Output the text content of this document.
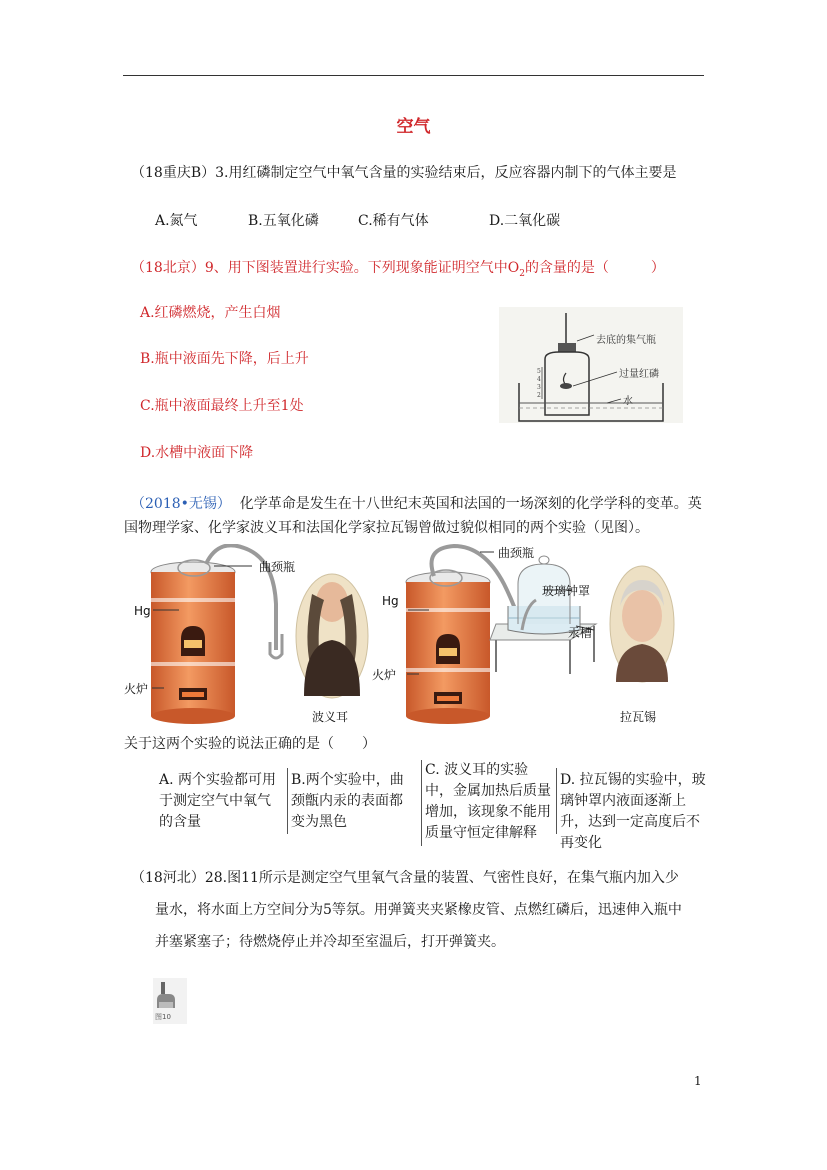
空气
（18重庆B）3.用红磷制定空气中氧气含量的实验结束后，反应容器内制下的气体主要是
A.氮气	B.五氧化磷	C.稀有气体	D.二氧化碳
（18北京）9、用下图装置进行实验。下列现象能证明空气中$O_2$的含量的是（　　　）
A.红磷燃烧，产生白烟
B.瓶中液面先下降，后上升
C.瓶中液面最终上升至1处
D.水槽中液面下降
5
4
3
2
去底的集气瓶
过量红磷
水
（2018•无锡） 化学革命是发生在十八世纪末英国和法国的一场深刻的化学学科的变革。英
国物理学家、化学家波义耳和法国化学家拉瓦锡曾做过貌似相同的两个实验（见图）。
曲颈瓶
Hg
火炉
波义耳
曲颈瓶
Hg
火炉
玻璃钟罩
汞槽
拉瓦锡
关于这两个实验的说法正确的是（　　）
A. 两个实验都可用于测定空气中氧气的含量
B.两个实验中，曲颈甑内汞的表面都变为黑色
C. 波义耳的实验中，金属加热后质量增加，该现象不能用质量守恒定律解释
D. 拉瓦锡的实验中，玻璃钟罩内液面逐渐上升，达到一定高度后不再变化
（18河北）28.图11所示是测定空气里氧气含量的装置、气密性良好，在集气瓶内加入少
量水，将水面上方空间分为5等氛。用弹簧夹夹紧橡皮管、点燃红磷后，迅速伸入瓶中
并塞紧塞子；待燃烧停止并冷却至室温后，打开弹簧夹。
图10
1
